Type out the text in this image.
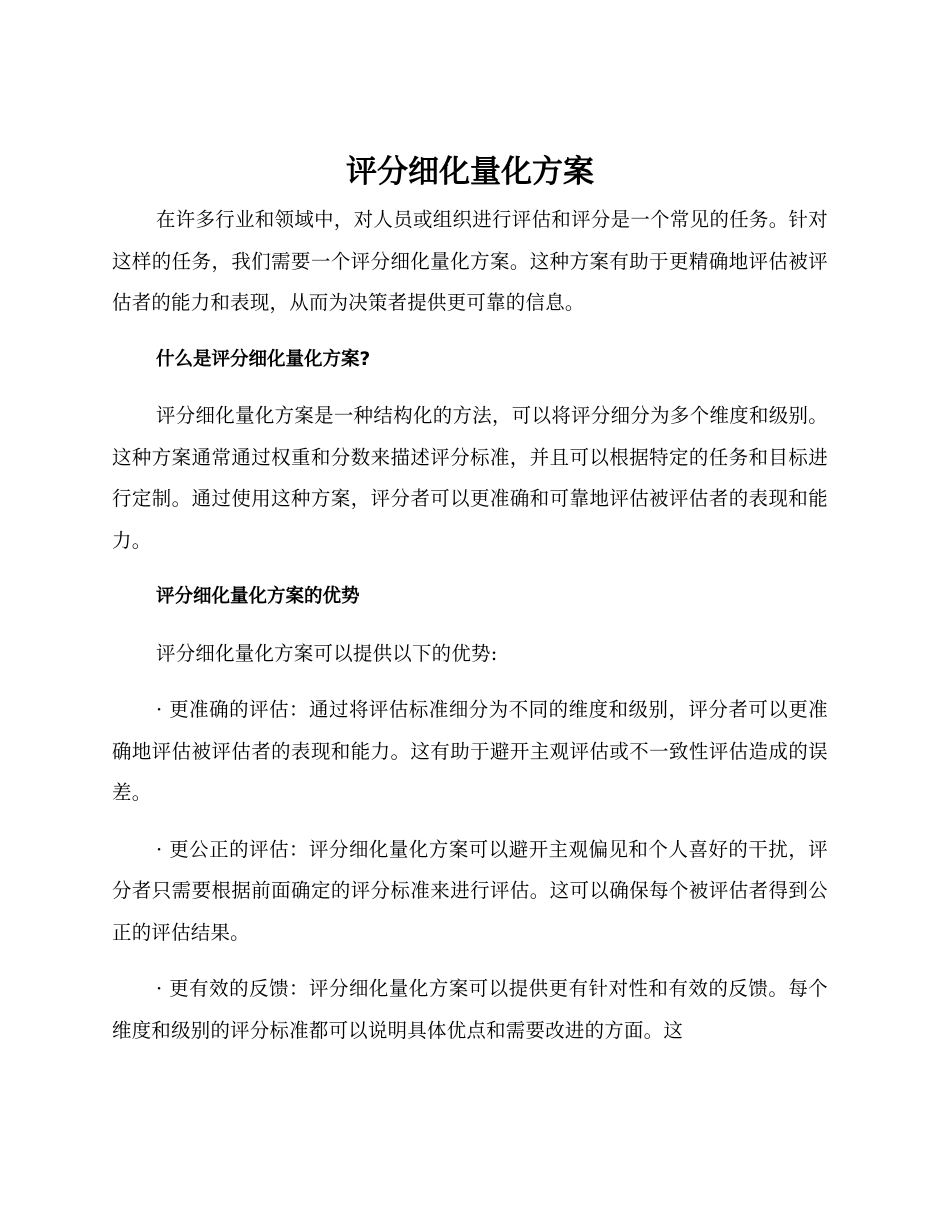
评分细化量化方案

在许多行业和领域中，对人员或组织进行评估和评分是一个常见的任务。针对这样的任务，我们需要一个评分细化量化方案。这种方案有助于更精确地评估被评估者的能力和表现，从而为决策者提供更可靠的信息。

什么是评分细化量化方案?

评分细化量化方案是一种结构化的方法，可以将评分细分为多个维度和级别。这种方案通常通过权重和分数来描述评分标准，并且可以根据特定的任务和目标进行定制。通过使用这种方案，评分者可以更准确和可靠地评估被评估者的表现和能力。

评分细化量化方案的优势

评分细化量化方案可以提供以下的优势:

· 更准确的评估：通过将评估标准细分为不同的维度和级别，评分者可以更准确地评估被评估者的表现和能力。这有助于避开主观评估或不一致性评估造成的误差。

· 更公正的评估：评分细化量化方案可以避开主观偏见和个人喜好的干扰，评分者只需要根据前面确定的评分标准来进行评估。这可以确保每个被评估者得到公正的评估结果。

· 更有效的反馈：评分细化量化方案可以提供更有针对性和有效的反馈。每个维度和级别的评分标准都可以说明具体优点和需要改进的方面。这
